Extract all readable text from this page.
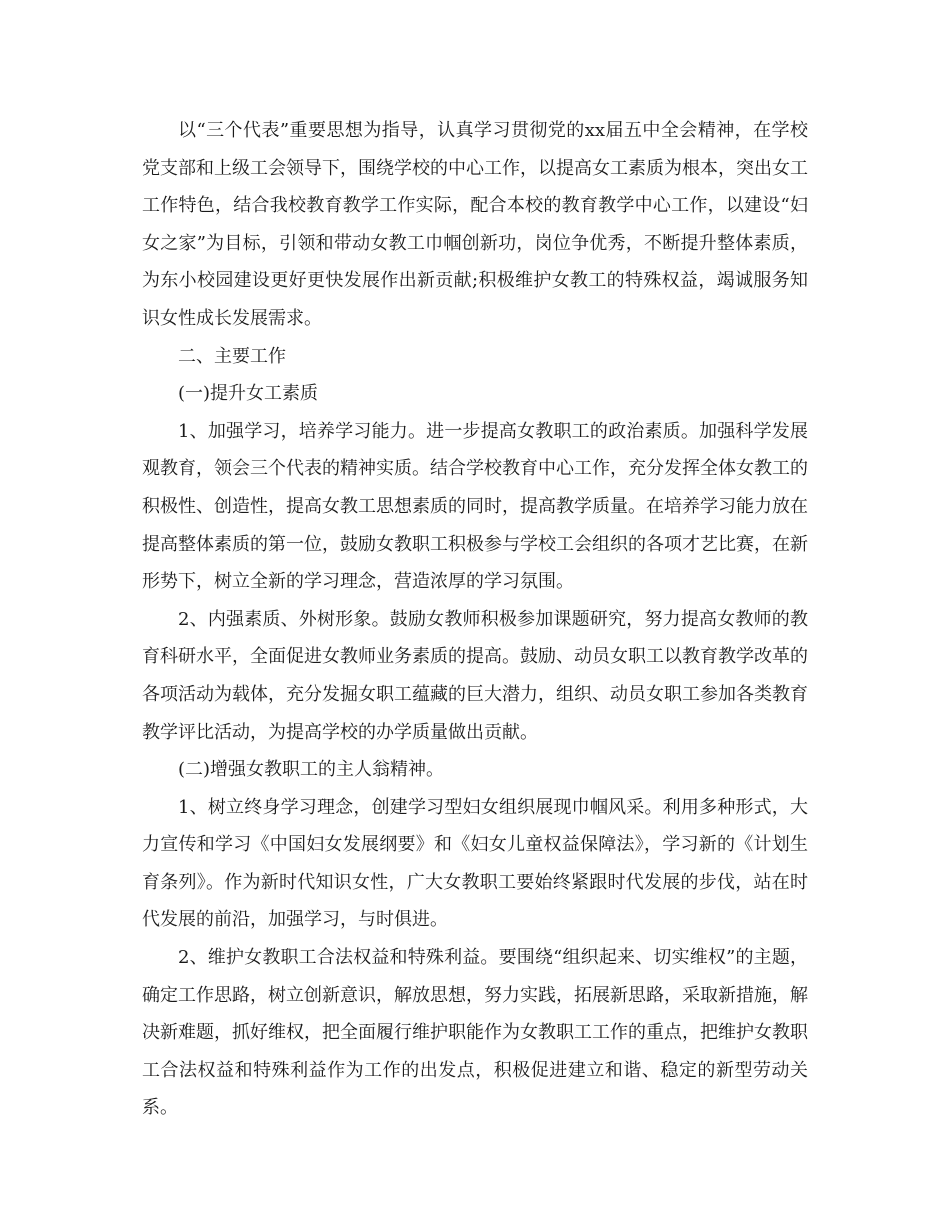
以“三个代表”重要思想为指导，认真学习贯彻党的xx届五中全会精神，在学校党支部和上级工会领导下，围绕学校的中心工作，以提高女工素质为根本，突出女工工作特色，结合我校教育教学工作实际，配合本校的教育教学中心工作，以建设“妇女之家”为目标，引领和带动女教工巾帼创新功，岗位争优秀，不断提升整体素质，为东小校园建设更好更快发展作出新贡献;积极维护女教工的特殊权益，竭诚服务知识女性成长发展需求。

二、主要工作

(一)提升女工素质

1、加强学习，培养学习能力。进一步提高女教职工的政治素质。加强科学发展观教育，领会三个代表的精神实质。结合学校教育中心工作，充分发挥全体女教工的积极性、创造性，提高女教工思想素质的同时，提高教学质量。在培养学习能力放在提高整体素质的第一位，鼓励女教职工积极参与学校工会组织的各项才艺比赛，在新形势下，树立全新的学习理念，营造浓厚的学习氛围。

2、内强素质、外树形象。鼓励女教师积极参加课题研究，努力提高女教师的教育科研水平，全面促进女教师业务素质的提高。鼓励、动员女职工以教育教学改革的各项活动为载体，充分发掘女职工蕴藏的巨大潜力，组织、动员女职工参加各类教育教学评比活动，为提高学校的办学质量做出贡献。

(二)增强女教职工的主人翁精神。

1、树立终身学习理念，创建学习型妇女组织展现巾帼风采。利用多种形式，大力宣传和学习《中国妇女发展纲要》和《妇女儿童权益保障法》，学习新的《计划生育条列》。作为新时代知识女性，广大女教职工要始终紧跟时代发展的步伐，站在时代发展的前沿，加强学习，与时俱进。

2、维护女教职工合法权益和特殊利益。要围绕“组织起来、切实维权”的主题，确定工作思路，树立创新意识，解放思想，努力实践，拓展新思路，采取新措施，解决新难题，抓好维权，把全面履行维护职能作为女教职工工作的重点，把维护女教职工合法权益和特殊利益作为工作的出发点，积极促进建立和谐、稳定的新型劳动关系。
